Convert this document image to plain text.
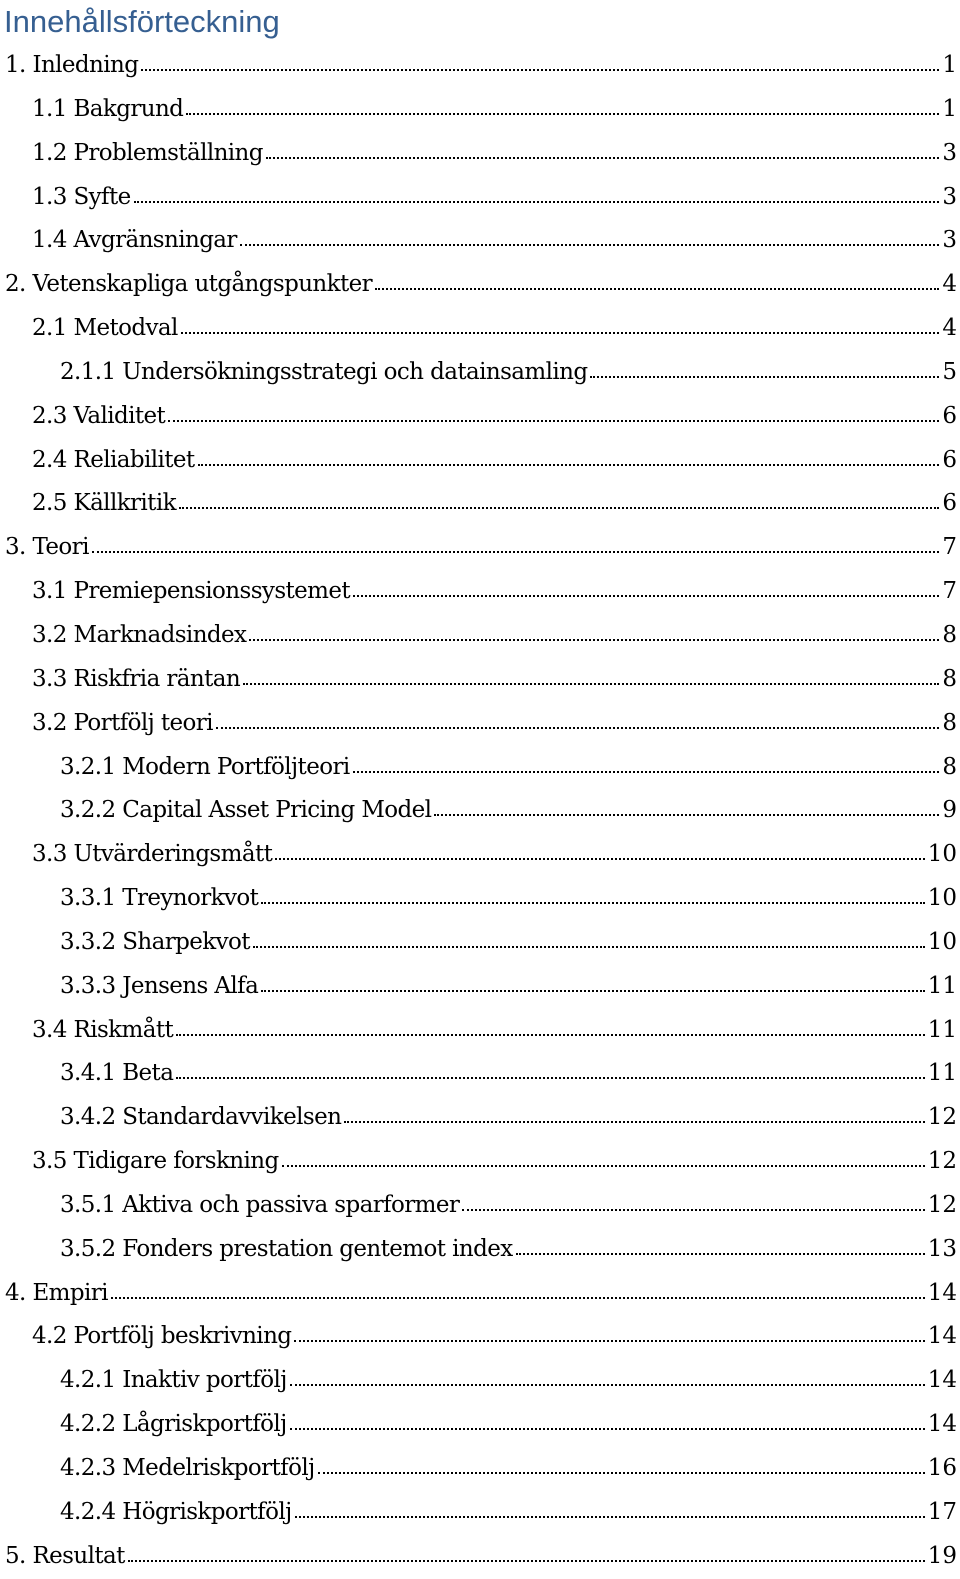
Innehållsförteckning
1. Inledning	1
1.1 Bakgrund	1
1.2 Problemställning	3
1.3 Syfte	3
1.4 Avgränsningar	3
2. Vetenskapliga utgångspunkter	4
2.1 Metodval	4
2.1.1 Undersökningsstrategi och datainsamling	5
2.3 Validitet	6
2.4 Reliabilitet	6
2.5 Källkritik	6
3. Teori	7
3.1 Premiepensionssystemet	7
3.2 Marknadsindex	8
3.3 Riskfria räntan	8
3.2 Portfölj teori	8
3.2.1 Modern Portföljteori	8
3.2.2 Capital Asset Pricing Model	9
3.3 Utvärderingsmått	10
3.3.1 Treynorkvot	10
3.3.2 Sharpekvot	10
3.3.3 Jensens Alfa	11
3.4 Riskmått	11
3.4.1 Beta	11
3.4.2 Standardavvikelsen	12
3.5 Tidigare forskning	12
3.5.1 Aktiva och passiva sparformer	12
3.5.2 Fonders prestation gentemot index	13
4. Empiri	14
4.2 Portfölj beskrivning	14
4.2.1 Inaktiv portfölj	14
4.2.2 Lågriskportfölj	14
4.2.3 Medelriskportfölj	16
4.2.4 Högriskportfölj	17
5. Resultat	19
